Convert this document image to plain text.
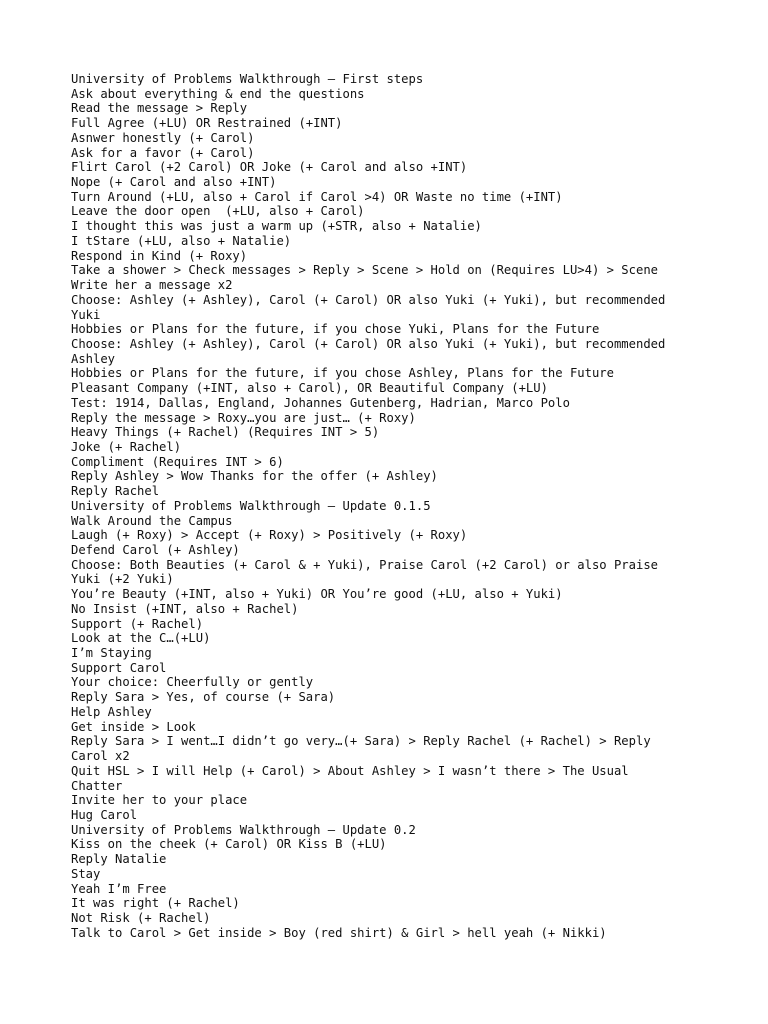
University of Problems Walkthrough – First steps
Ask about everything & end the questions
Read the message > Reply
Full Agree (+LU) OR Restrained (+INT)
Asnwer honestly (+ Carol)
Ask for a favor (+ Carol)
Flirt Carol (+2 Carol) OR Joke (+ Carol and also +INT)
Nope (+ Carol and also +INT)
Turn Around (+LU, also + Carol if Carol >4) OR Waste no time (+INT)
Leave the door open  (+LU, also + Carol)
I thought this was just a warm up (+STR, also + Natalie)
I tStare (+LU, also + Natalie)
Respond in Kind (+ Roxy)
Take a shower > Check messages > Reply > Scene > Hold on (Requires LU>4) > Scene
Write her a message x2
Choose: Ashley (+ Ashley), Carol (+ Carol) OR also Yuki (+ Yuki), but recommended
Yuki
Hobbies or Plans for the future, if you chose Yuki, Plans for the Future
Choose: Ashley (+ Ashley), Carol (+ Carol) OR also Yuki (+ Yuki), but recommended
Ashley
Hobbies or Plans for the future, if you chose Ashley, Plans for the Future
Pleasant Company (+INT, also + Carol), OR Beautiful Company (+LU)
Test: 1914, Dallas, England, Johannes Gutenberg, Hadrian, Marco Polo
Reply the message > Roxy…you are just… (+ Roxy)
Heavy Things (+ Rachel) (Requires INT > 5)
Joke (+ Rachel)
Compliment (Requires INT > 6)
Reply Ashley > Wow Thanks for the offer (+ Ashley)
Reply Rachel
University of Problems Walkthrough – Update 0.1.5
Walk Around the Campus
Laugh (+ Roxy) > Accept (+ Roxy) > Positively (+ Roxy)
Defend Carol (+ Ashley)
Choose: Both Beauties (+ Carol & + Yuki), Praise Carol (+2 Carol) or also Praise
Yuki (+2 Yuki)
You’re Beauty (+INT, also + Yuki) OR You’re good (+LU, also + Yuki)
No Insist (+INT, also + Rachel)
Support (+ Rachel)
Look at the C…(+LU)
I’m Staying
Support Carol
Your choice: Cheerfully or gently
Reply Sara > Yes, of course (+ Sara)
Help Ashley
Get inside > Look
Reply Sara > I went…I didn’t go very…(+ Sara) > Reply Rachel (+ Rachel) > Reply
Carol x2
Quit HSL > I will Help (+ Carol) > About Ashley > I wasn’t there > The Usual
Chatter
Invite her to your place
Hug Carol
University of Problems Walkthrough – Update 0.2
Kiss on the cheek (+ Carol) OR Kiss B (+LU)
Reply Natalie
Stay
Yeah I’m Free
It was right (+ Rachel)
Not Risk (+ Rachel)
Talk to Carol > Get inside > Boy (red shirt) & Girl > hell yeah (+ Nikki)
